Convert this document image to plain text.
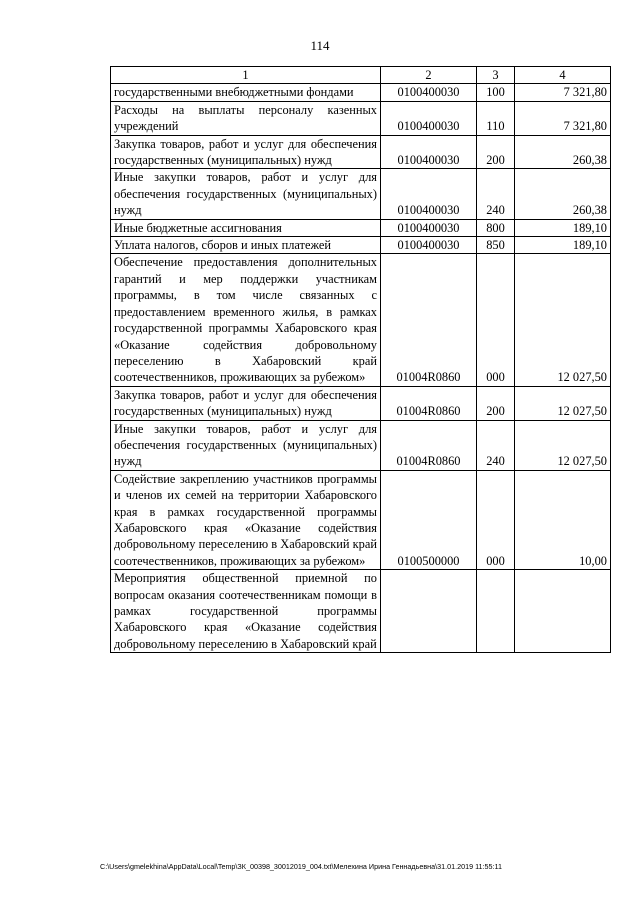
114
1	2	3	4
государственными внебюджетными фондами	0100400030	100	7 321,80
Расходы на выплаты персоналу казенных учреждений	0100400030	110	7 321,80
Закупка товаров, работ и услуг для обеспечения государственных (муниципальных) нужд	0100400030	200	260,38
Иные закупки товаров, работ и услуг для обеспечения государственных (муниципальных) нужд	0100400030	240	260,38
Иные бюджетные ассигнования	0100400030	800	189,10
Уплата налогов, сборов и иных платежей	0100400030	850	189,10
Обеспечение предоставления дополнительных гарантий и мер поддержки участникам программы, в том числе связанных с предоставлением временного жилья, в рамках государственной программы Хабаровского края «Оказание содействия добровольному переселению в Хабаровский край соотечественников, проживающих за рубежом»	01004R0860	000	12 027,50
Закупка товаров, работ и услуг для обеспечения государственных (муниципальных) нужд	01004R0860	200	12 027,50
Иные закупки товаров, работ и услуг для обеспечения государственных (муниципальных) нужд	01004R0860	240	12 027,50
Содействие закреплению участников программы и членов их семей на территории Хабаровского края в рамках государственной программы Хабаровского края «Оказание содействия добровольному переселению в Хабаровский край соотечественников, проживающих за рубежом»	0100500000	000	10,00
Мероприятия общественной приемной по вопросам оказания соотечественникам помощи в рамках государственной программы Хабаровского края «Оказание содействия добровольному переселению в Хабаровский край			
C:\Users\gmelekhina\AppData\Local\Temp\ЗК_00398_30012019_004.txt\Мелехина Ирина Геннадьевна\31.01.2019 11:55:11
